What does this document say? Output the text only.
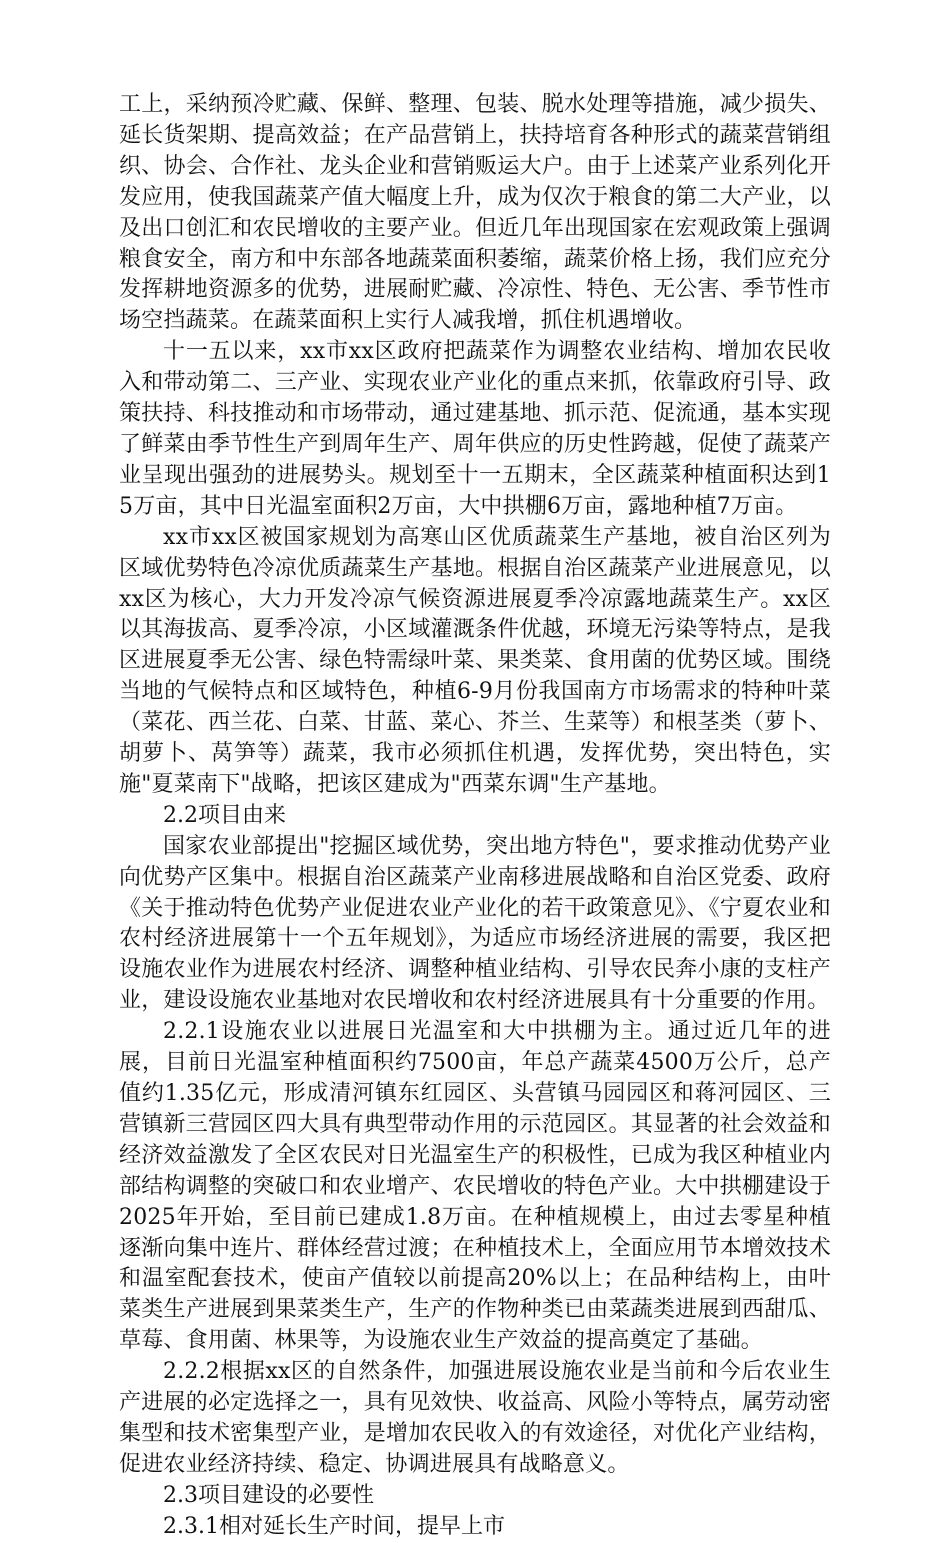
工上，采纳预冷贮藏、保鲜、整理、包装、脱水处理等措施，减少损失、延长货架期、提高效益；在产品营销上，扶持培育各种形式的蔬菜营销组织、协会、合作社、龙头企业和营销贩运大户。由于上述菜产业系列化开发应用，使我国蔬菜产值大幅度上升，成为仅次于粮食的第二大产业，以及出口创汇和农民增收的主要产业。但近几年出现国家在宏观政策上强调粮食安全，南方和中东部各地蔬菜面积萎缩，蔬菜价格上扬，我们应充分发挥耕地资源多的优势，进展耐贮藏、冷凉性、特色、无公害、季节性市场空挡蔬菜。在蔬菜面积上实行人减我增，抓住机遇增收。

十一五以来，xx市xx区政府把蔬菜作为调整农业结构、增加农民收入和带动第二、三产业、实现农业产业化的重点来抓，依靠政府引导、政策扶持、科技推动和市场带动，通过建基地、抓示范、促流通，基本实现了鲜菜由季节性生产到周年生产、周年供应的历史性跨越，促使了蔬菜产业呈现出强劲的进展势头。规划至十一五期末，全区蔬菜种植面积达到15万亩，其中日光温室面积2万亩，大中拱棚6万亩，露地种植7万亩。

xx市xx区被国家规划为高寒山区优质蔬菜生产基地，被自治区列为区域优势特色冷凉优质蔬菜生产基地。根据自治区蔬菜产业进展意见，以xx区为核心，大力开发冷凉气候资源进展夏季冷凉露地蔬菜生产。xx区以其海拔高、夏季冷凉，小区域灌溉条件优越，环境无污染等特点，是我区进展夏季无公害、绿色特需绿叶菜、果类菜、食用菌的优势区域。围绕当地的气候特点和区域特色，种植6-9月份我国南方市场需求的特种叶菜（菜花、西兰花、白菜、甘蓝、菜心、芥兰、生菜等）和根茎类（萝卜、胡萝卜、莴笋等）蔬菜，我市必须抓住机遇，发挥优势，突出特色，实施"夏菜南下"战略，把该区建成为"西菜东调"生产基地。

2.2项目由来

国家农业部提出"挖掘区域优势，突出地方特色"，要求推动优势产业向优势产区集中。根据自治区蔬菜产业南移进展战略和自治区党委、政府《关于推动特色优势产业促进农业产业化的若干政策意见》、《宁夏农业和农村经济进展第十一个五年规划》，为适应市场经济进展的需要，我区把设施农业作为进展农村经济、调整种植业结构、引导农民奔小康的支柱产业，建设设施农业基地对农民增收和农村经济进展具有十分重要的作用。

2.2.1设施农业以进展日光温室和大中拱棚为主。通过近几年的进展，目前日光温室种植面积约7500亩，年总产蔬菜4500万公斤，总产值约1.35亿元，形成清河镇东红园区、头营镇马园园区和蒋河园区、三营镇新三营园区四大具有典型带动作用的示范园区。其显著的社会效益和经济效益激发了全区农民对日光温室生产的积极性，已成为我区种植业内部结构调整的突破口和农业增产、农民增收的特色产业。大中拱棚建设于2025年开始，至目前已建成1.8万亩。在种植规模上，由过去零星种植逐渐向集中连片、群体经营过渡；在种植技术上，全面应用节本增效技术和温室配套技术，使亩产值较以前提高20%以上；在品种结构上，由叶菜类生产进展到果菜类生产，生产的作物种类已由菜蔬类进展到西甜瓜、草莓、食用菌、林果等，为设施农业生产效益的提高奠定了基础。

2.2.2根据xx区的自然条件，加强进展设施农业是当前和今后农业生产进展的必定选择之一，具有见效快、收益高、风险小等特点，属劳动密集型和技术密集型产业，是增加农民收入的有效途径，对优化产业结构，促进农业经济持续、稳定、协调进展具有战略意义。

2.3项目建设的必要性

2.3.1相对延长生产时间，提早上市
